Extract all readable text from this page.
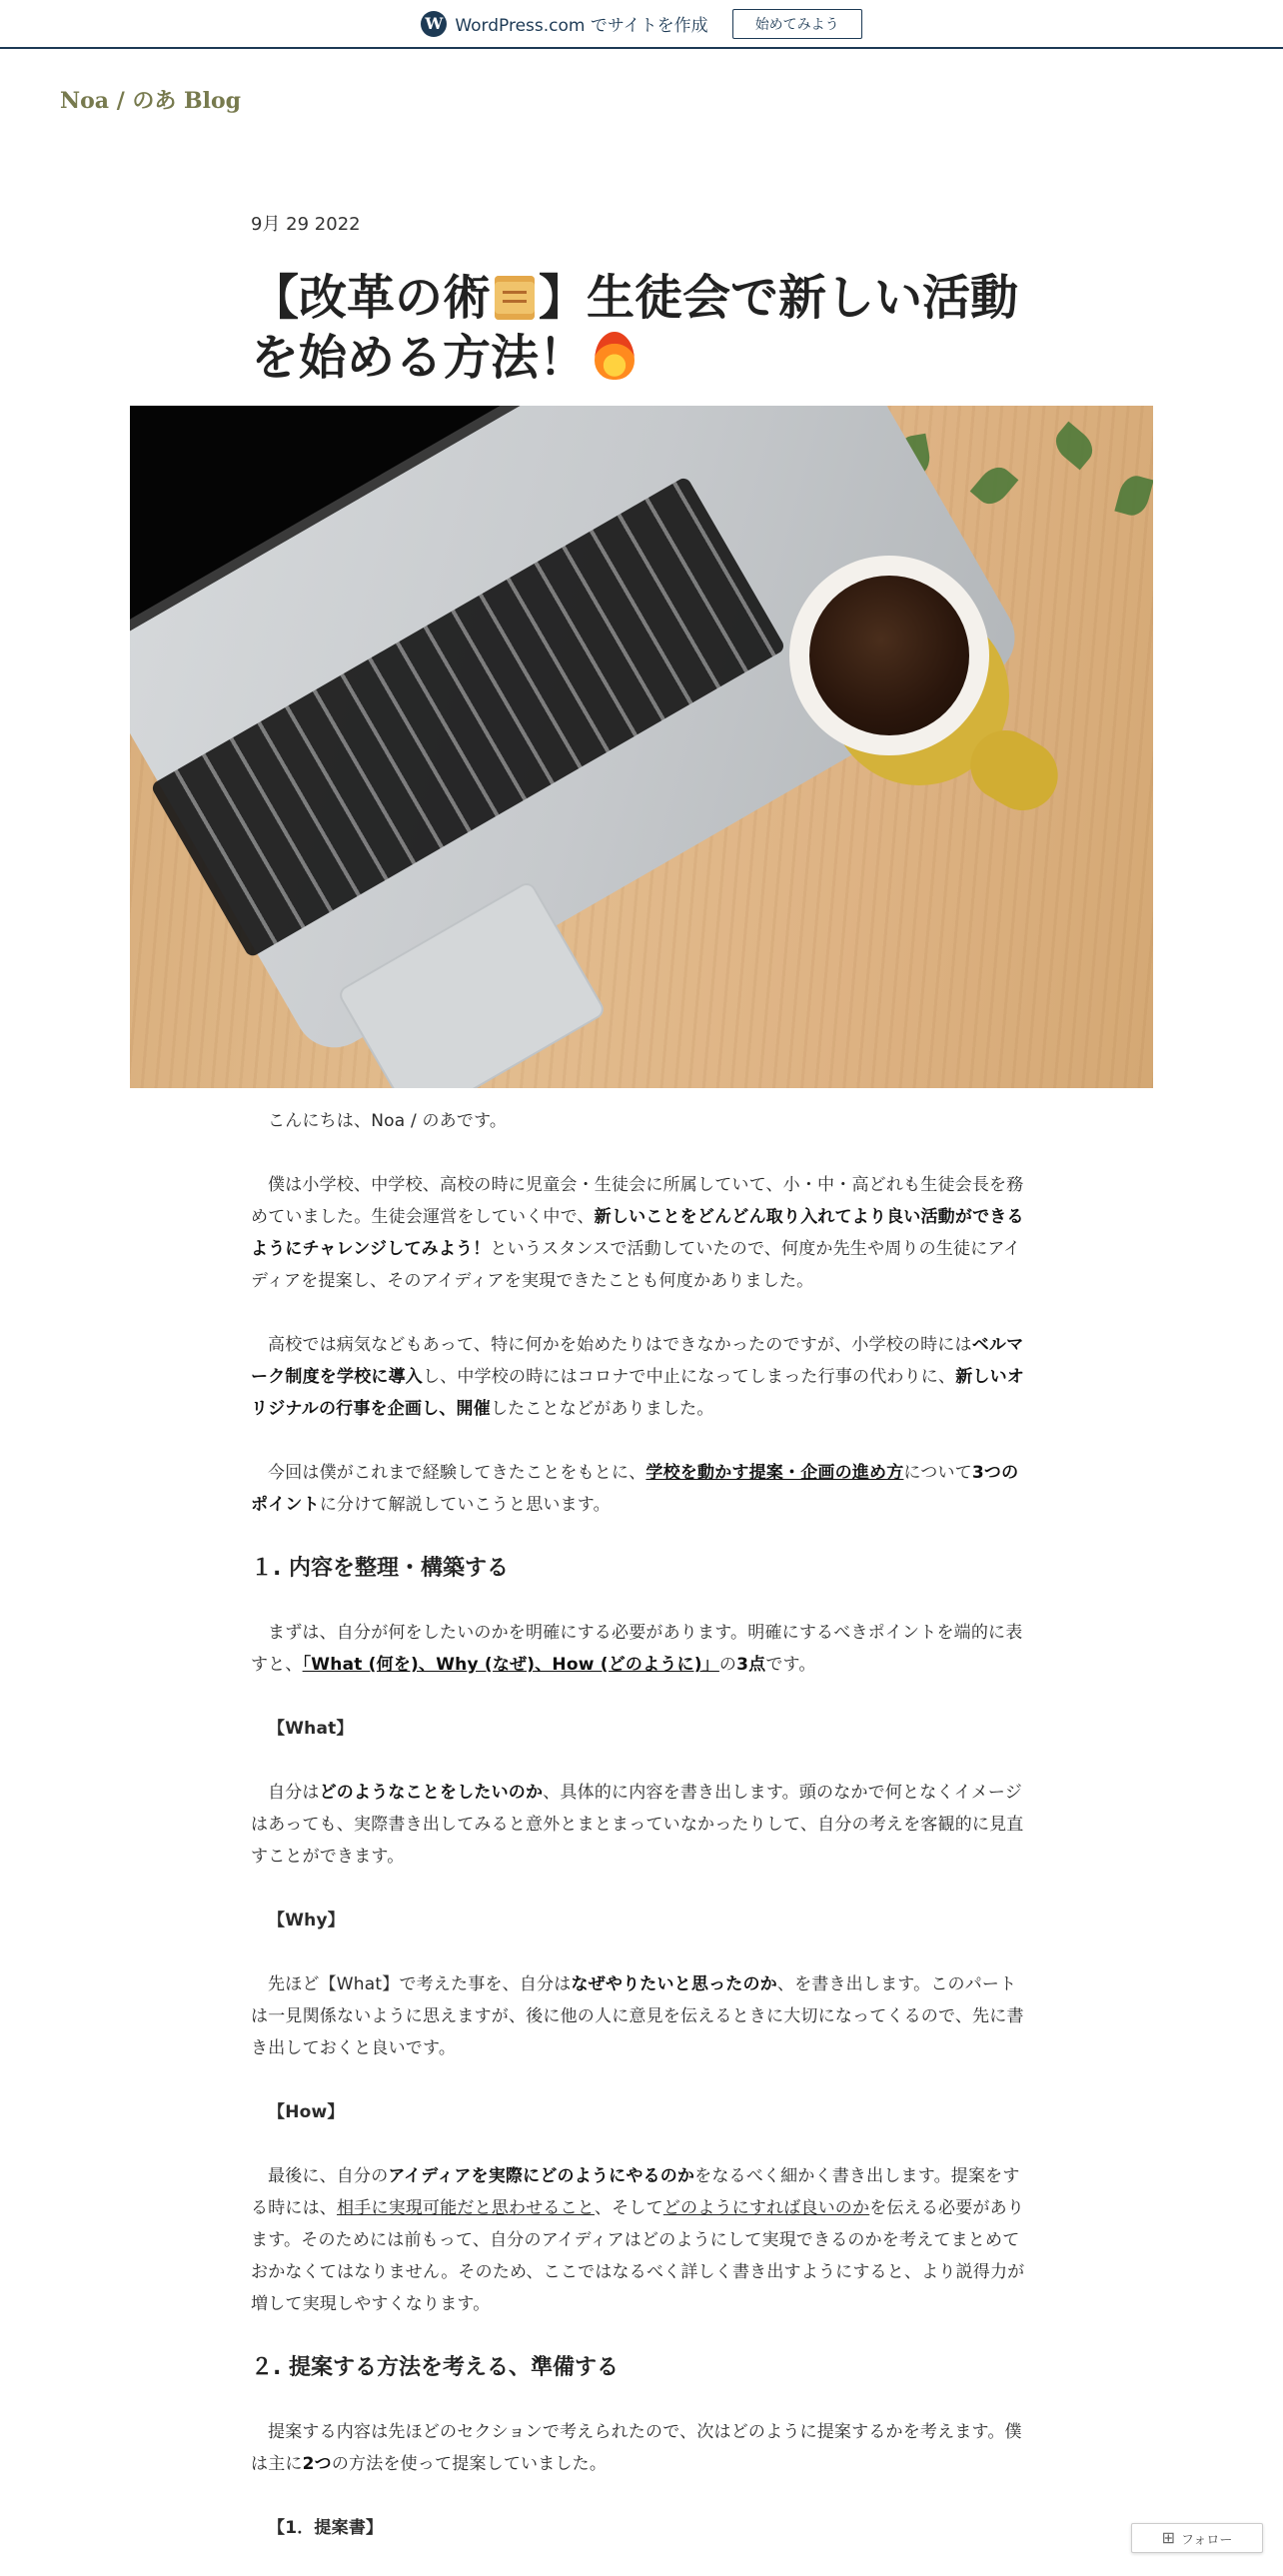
W WordPress.com でサイトを作成	始めてみよう
Noa / のあ Blog

9月 29 2022

【改革の術 】生徒会で新しい活動を始める方法！

こんにちは、Noa / のあです。

僕は小学校、中学校、高校の時に児童会・生徒会に所属していて、小・中・高どれも生徒会長を務めていました。生徒会運営をしていく中で、新しいことをどんどん取り入れてより良い活動ができるようにチャレンジしてみよう！というスタンスで活動していたので、何度か先生や周りの生徒にアイディアを提案し、そのアイディアを実現できたことも何度かありました。

高校では病気などもあって、特に何かを始めたりはできなかったのですが、小学校の時にはベルマーク制度を学校に導入し、中学校の時にはコロナで中止になってしまった行事の代わりに、新しいオリジナルの行事を企画し、開催したことなどがありました。

今回は僕がこれまで経験してきたことをもとに、学校を動かす提案・企画の進め方について3つのポイントに分けて解説していこうと思います。

１. 内容を整理・構築する

まずは、自分が何をしたいのかを明確にする必要があります。明確にするべきポイントを端的に表すと、「What (何を)、Why (なぜ)、How (どのように)」の3点です。

【What】

自分はどのようなことをしたいのか、具体的に内容を書き出します。頭のなかで何となくイメージはあっても、実際書き出してみると意外とまとまっていなかったりして、自分の考えを客観的に見直すことができます。

【Why】

先ほど【What】で考えた事を、自分はなぜやりたいと思ったのか、を書き出します。このパートは一見関係ないように思えますが、後に他の人に意見を伝えるときに大切になってくるので、先に書き出しておくと良いです。

【How】

最後に、自分のアイディアを実際にどのようにやるのかをなるべく細かく書き出します。提案をする時には、相手に実現可能だと思わせること、そしてどのようにすれば良いのかを伝える必要があります。そのためには前もって、自分のアイディアはどのようにして実現できるのかを考えてまとめておかなくてはなりません。そのため、ここではなるべく詳しく書き出すようにすると、より説得力が増して実現しやすくなります。

２. 提案する方法を考える、準備する

提案する内容は先ほどのセクションで考えられたので、次はどのように提案するかを考えます。僕は主に2つの方法を使って提案していました。

【1．提案書】

⊞ フォロー
